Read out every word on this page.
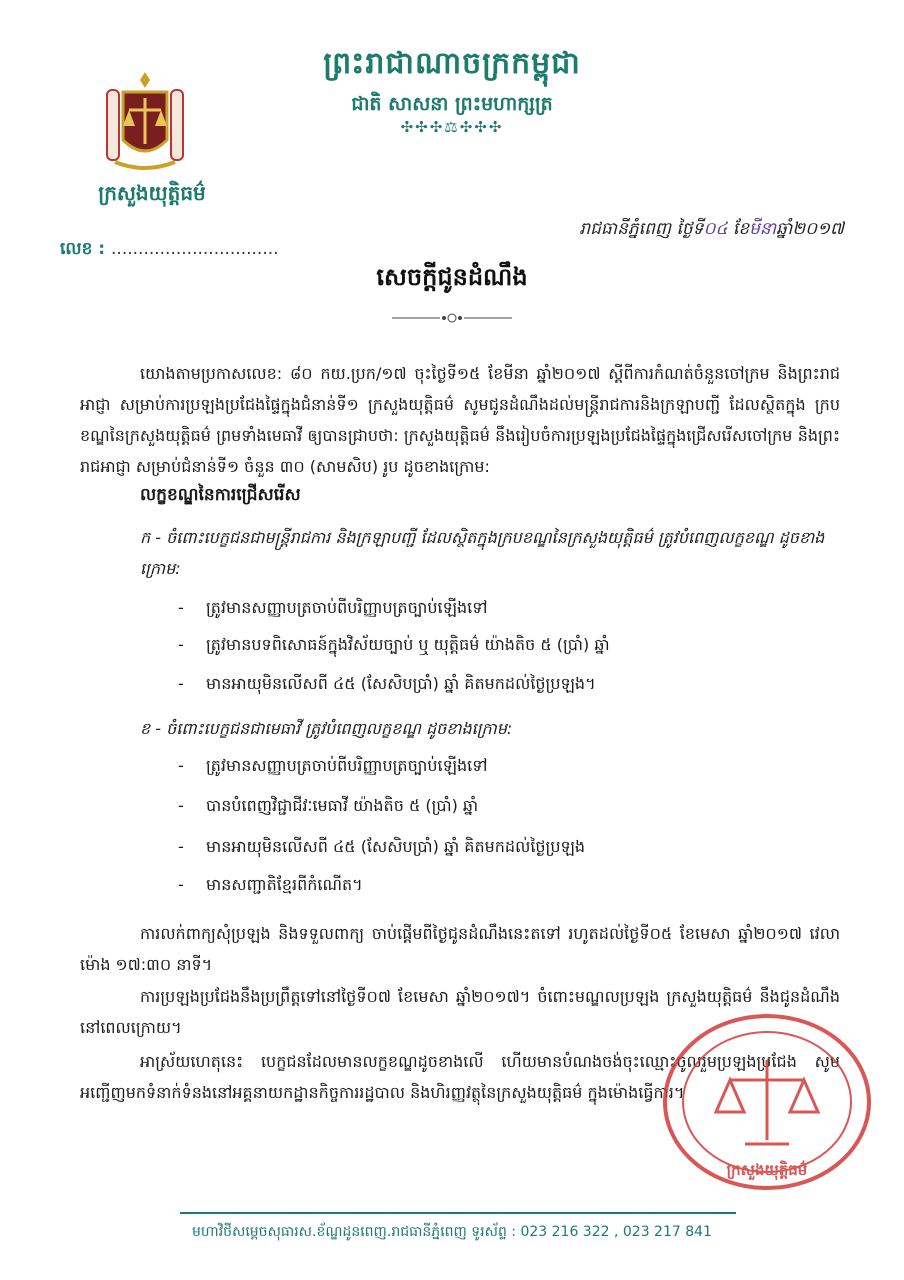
ព្រះរាជាណាចក្រកម្ពុជា
ជាតិ សាសនា ព្រះមហាក្សត្រ
✣✣✣⚖✣✣✣
ក្រសួងយុត្តិធម៌
លេខ : ...............................
រាជធានីភ្នំពេញ ថ្ងៃទី០៤ ខែមីនាឆ្នាំ២០១៧
សេចក្តីជូនដំណឹង
យោងតាមប្រកាសលេខ: ៨០ កយ.ប្រក/១៧ ចុះថ្ងៃទី១៥ ខែមីនា ឆ្នាំ២០១៧ ស្តីពីការកំណត់ចំនួនចៅក្រម និងព្រះរាជអាជ្ញា សម្រាប់ការប្រឡងប្រជែងផ្ទៃក្នុងជំនាន់ទី១ ក្រសួងយុត្តិធម៌ សូមជូនដំណឹងដល់មន្ត្រីរាជការនិងក្រឡាបញ្ជី ដែលស្ថិតក្នុង ក្របខណ្ឌនៃក្រសួងយុត្តិធម៌ ព្រមទាំងមេធាវី ឲ្យបានជ្រាបថា: ក្រសួងយុត្តិធម៌ នឹងរៀបចំការប្រឡងប្រជែងផ្ទៃក្នុងជ្រើសរើសចៅក្រម និងព្រះរាជអាជ្ញា សម្រាប់ជំនាន់ទី១ ចំនួន ៣០ (សាមសិប) រូប ដូចខាងក្រោម:
លក្ខខណ្ឌនៃការជ្រើសរើស
ក - ចំពោះបេក្ខជនជាមន្ត្រីរាជការ និងក្រឡាបញ្ជី ដែលស្ថិតក្នុងក្របខណ្ឌនៃក្រសួងយុត្តិធម៌ ត្រូវបំពេញលក្ខខណ្ឌ ដូចខាងក្រោម:
- ត្រូវមានសញ្ញាបត្រចាប់ពីបរិញ្ញាបត្រច្បាប់ឡើងទៅ
- ត្រូវមានបទពិសោធន៍ក្នុងវិស័យច្បាប់ ឬ យុត្តិធម៌ យ៉ាងតិច ៥ (ប្រាំ) ឆ្នាំ
- មានអាយុមិនលើសពី ៤៥ (សែសិបប្រាំ) ឆ្នាំ គិតមកដល់ថ្ងៃប្រឡង។
ខ - ចំពោះបេក្ខជនជាមេធាវី ត្រូវបំពេញលក្ខខណ្ឌ ដូចខាងក្រោម:
- ត្រូវមានសញ្ញាបត្រចាប់ពីបរិញ្ញាបត្រច្បាប់ឡើងទៅ
- បានបំពេញវិជ្ជាជីវៈមេធាវី យ៉ាងតិច ៥ (ប្រាំ) ឆ្នាំ
- មានអាយុមិនលើសពី ៤៥ (សែសិបប្រាំ) ឆ្នាំ គិតមកដល់ថ្ងៃប្រឡង
- មានសញ្ជាតិខ្មែរពីកំណើត។
ការលក់ពាក្យសុំប្រឡង និងទទួលពាក្យ ចាប់ផ្តើមពីថ្ងៃជូនដំណឹងនេះតទៅ រហូតដល់ថ្ងៃទី០៥ ខែមេសា ឆ្នាំ២០១៧ វេលាម៉ោង ១៧:៣០ នាទី។
ការប្រឡងប្រជែងនឹងប្រព្រឹត្តទៅនៅថ្ងៃទី០៧ ខែមេសា ឆ្នាំ២០១៧។ ចំពោះមណ្ឌលប្រឡង ក្រសួងយុត្តិធម៌ នឹងជូនដំណឹងនៅពេលក្រោយ។
អាស្រ័យហេតុនេះ បេក្ខជនដែលមានលក្ខខណ្ឌដូចខាងលើ ហើយមានបំណងចង់ចុះឈ្មោះចូលរួមប្រឡងប្រជែង សូមអញ្ជើញមកទំនាក់ទំនងនៅអគ្គនាយកដ្ឋានកិច្ចការរដ្ឋបាល និងហិរញ្ញវត្ថុនៃក្រសួងយុត្តិធម៌ ក្នុងម៉ោងធ្វើការ។
ក្រសួងយុត្តិធម៌
មហាវិថីសម្តេចសុធារស.ខ័ណ្ឌដូនពេញ.រាជធានីភ្នំពេញ ទូរស័ព្ទ : 023 216 322 , 023 217 841
